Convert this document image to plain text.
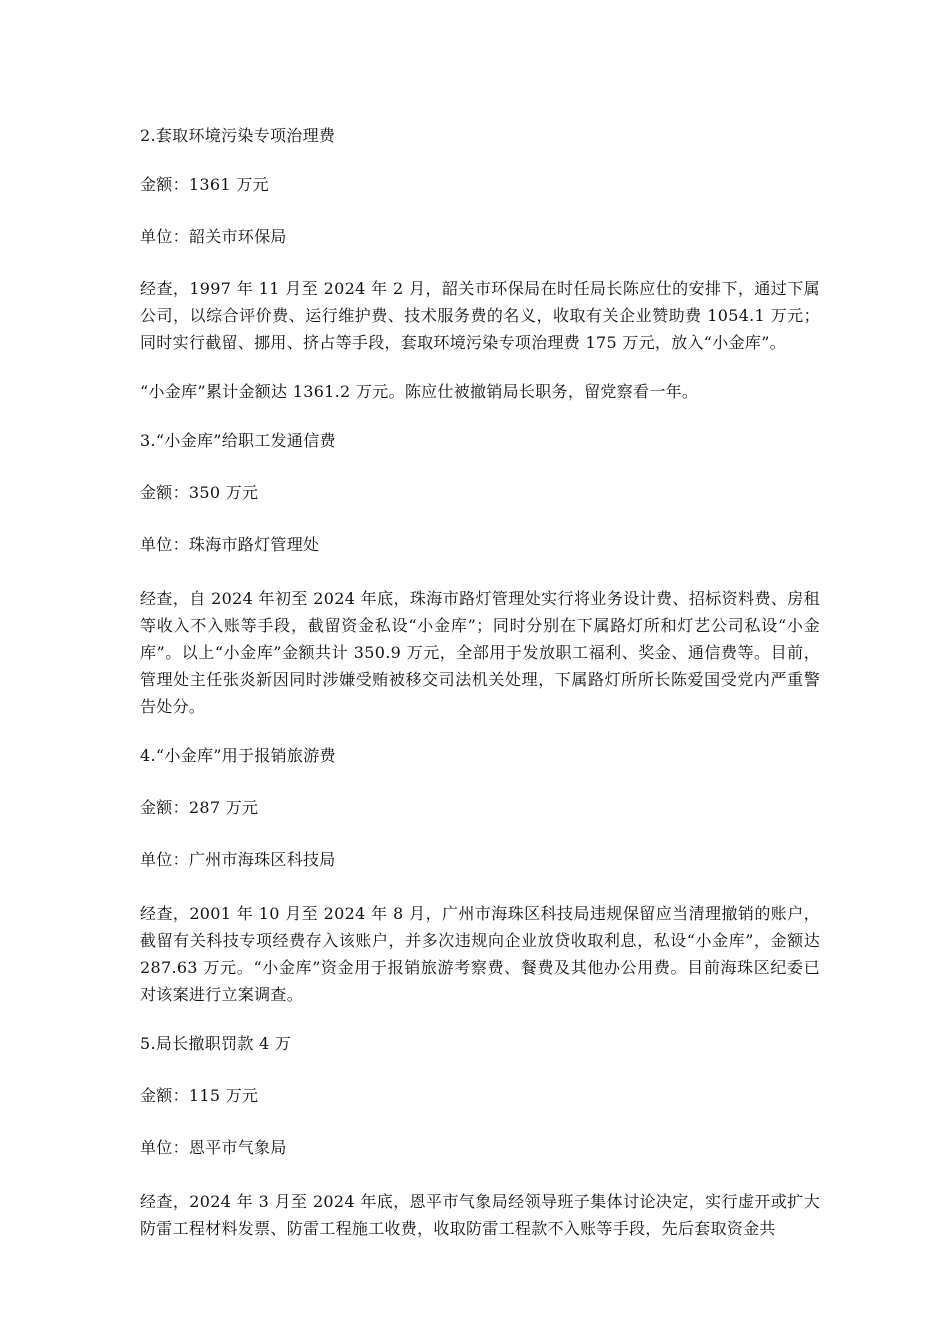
2.套取环境污染专项治理费

金额：1361 万元

单位：韶关市环保局

经查，1997 年 11 月至 2024 年 2 月，韶关市环保局在时任局长陈应仕的安排下，通过下属公司，以综合评价费、运行维护费、技术服务费的名义，收取有关企业赞助费 1054.1 万元；同时实行截留、挪用、挤占等手段，套取环境污染专项治理费 175 万元，放入“小金库”。

“小金库”累计金额达 1361.2 万元。陈应仕被撤销局长职务，留党察看一年。

3.“小金库”给职工发通信费

金额：350 万元

单位：珠海市路灯管理处

经查，自 2024 年初至 2024 年底，珠海市路灯管理处实行将业务设计费、招标资料费、房租等收入不入账等手段，截留资金私设“小金库”；同时分别在下属路灯所和灯艺公司私设“小金库”。以上“小金库”金额共计 350.9 万元，全部用于发放职工福利、奖金、通信费等。目前，管理处主任张炎新因同时涉嫌受贿被移交司法机关处理，下属路灯所所长陈爱国受党内严重警告处分。

4.“小金库”用于报销旅游费

金额：287 万元

单位：广州市海珠区科技局

经查，2001 年 10 月至 2024 年 8 月，广州市海珠区科技局违规保留应当清理撤销的账户，截留有关科技专项经费存入该账户，并多次违规向企业放贷收取利息，私设“小金库”，金额达 287.63 万元。“小金库”资金用于报销旅游考察费、餐费及其他办公用费。目前海珠区纪委已对该案进行立案调查。

5.局长撤职罚款 4 万

金额：115 万元

单位：恩平市气象局

经查，2024 年 3 月至 2024 年底，恩平市气象局经领导班子集体讨论决定，实行虚开或扩大防雷工程材料发票、防雷工程施工收费，收取防雷工程款不入账等手段，先后套取资金共
